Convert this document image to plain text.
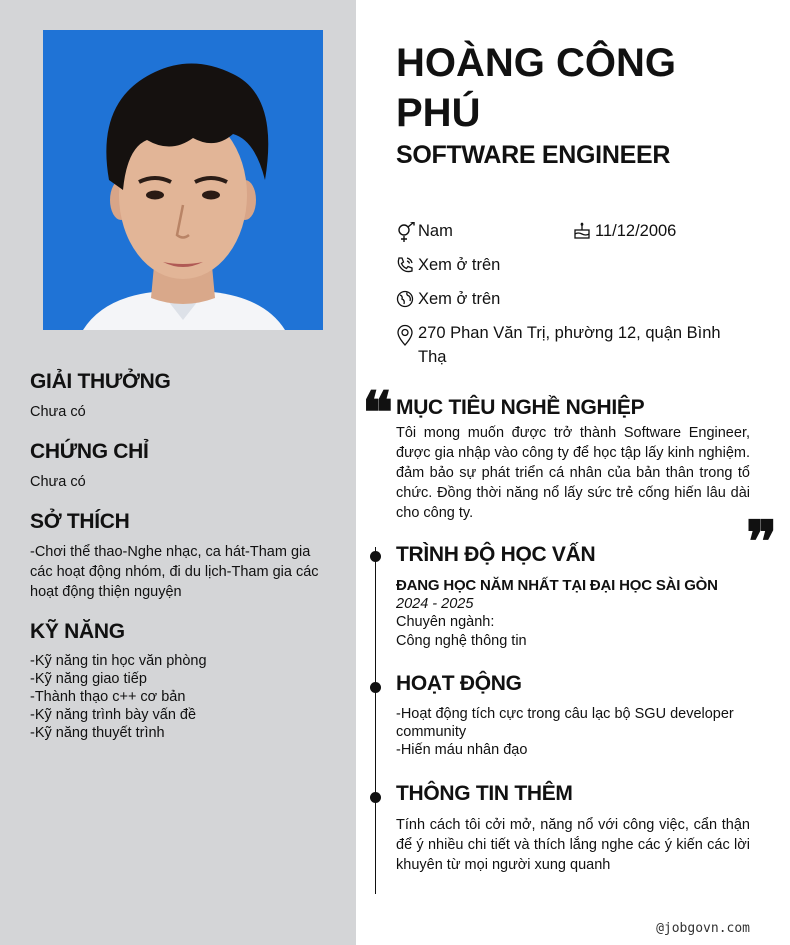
GIẢI THƯỞNG

Chưa có

CHỨNG CHỈ

Chưa có

SỞ THÍCH

-Chơi thể thao-Nghe nhạc, ca hát-Tham gia các hoạt động nhóm, đi du lịch-Tham gia các hoạt động thiện nguyện

KỸ NĂNG
-Kỹ năng tin học văn phòng
-Kỹ năng giao tiếp
-Thành thạo c++ cơ bản
-Kỹ năng trình bày vấn đề
-Kỹ năng thuyết trình
HOÀNG CÔNG PHÚ
SOFTWARE ENGINEER
Nam	11/12/2006
Xem ở trên
Xem ở trên
270 Phan Văn Trị, phường 12, quận Bình Thạ
❝ MỤC TIÊU NGHỀ NGHIỆP
Tôi mong muốn được trở thành Software Engineer, được gia nhập vào công ty để học tập lấy kinh nghiệm. đảm bảo sự phát triển cá nhân của bản thân trong tổ chức. Đồng thời năng nổ lấy sức trẻ cống hiến lâu dài cho công ty.	❞
TRÌNH ĐỘ HỌC VẤN
ĐANG HỌC NĂM NHẤT TẠI ĐẠI HỌC SÀI GÒN
2024 - 2025
Chuyên ngành:
Công nghệ thông tin
HOẠT ĐỘNG
-Hoạt động tích cực trong câu lạc bộ SGU developer community
-Hiến máu nhân đạo
THÔNG TIN THÊM
Tính cách tôi cởi mở, năng nổ với công việc, cẩn thận để ý nhiều chi tiết và thích lắng nghe các ý kiến các lời khuyên từ mọi người xung quanh
@jobgovn.com
